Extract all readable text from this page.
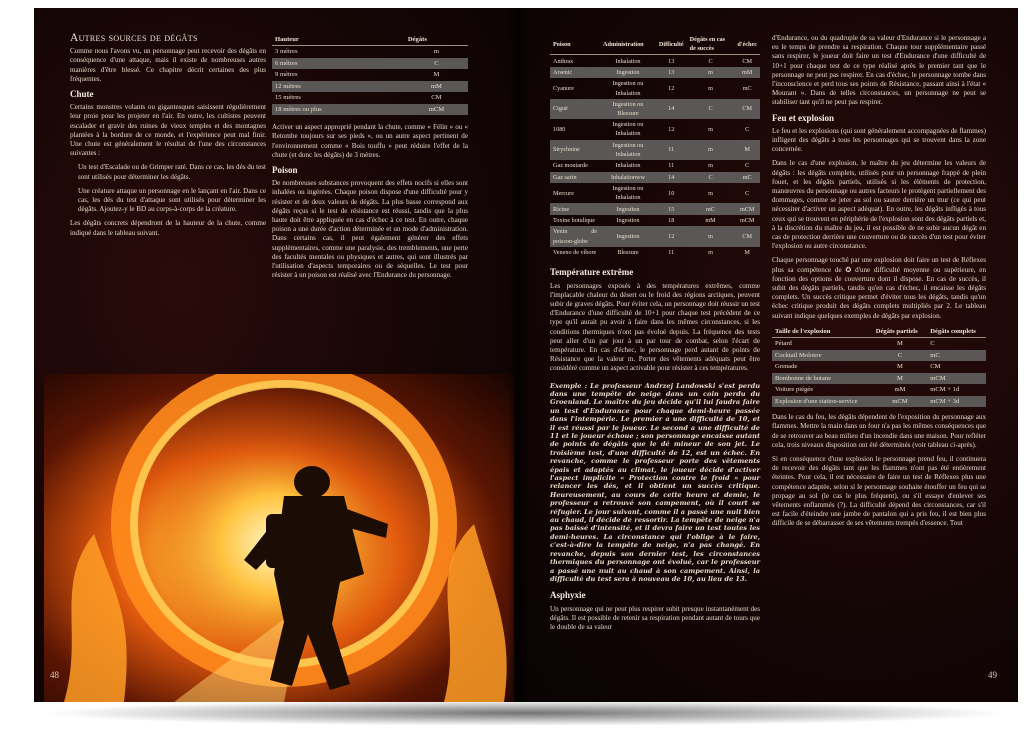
Autres sources de dégâts

Comme nous l'avons vu, un personnage peut recevoir des dégâts en conséquence d'une attaque, mais il existe de nombreuses autres manières d'être blessé. Ce chapitre décrit certaines des plus fréquentes.

Chute

Certains monstres volants ou gigantesques saisissent régulièrement leur proie pour les projeter en l'air. En outre, les cultistes peuvent escalader et gravir des ruines de vieux temples et des montagnes plantées à la bordure de ce monde, et l'expérience peut mal finir. Une chute est généralement le résultat de l'une des circonstances suivantes :

Un test d'Escalade ou de Grimper raté. Dans ce cas, les dés du test sont utilisés pour déterminer les dégâts.

Une créature attaque un personnage en le lançant en l'air. Dans ce cas, les dés du test d'attaque sont utilisés pour déterminer les dégâts. Ajoutez-y le BD au corps-à-corps de la créature.

Les dégâts concrets dépendront de la hauteur de la chute, comme indiqué dans le tableau suivant.

Hauteur	Dégâts
3 mètres	m
6 mètres	C
9 mètres	M
12 mètres	mM
15 mètres	CM
18 mètres ou plus	mCM

Activer un aspect approprié pendant la chute, comme « Félin » ou « Retombe toujours sur ses pieds », ou un autre aspect pertinent de l'environnement comme « Bois touffu » peut réduire l'effet de la chute (et donc les dégâts) de 3 mètres.

Poison

De nombreuses substances provoquent des effets nocifs si elles sont inhalées ou ingérées. Chaque poison dispose d'une difficulté pour y résister et de deux valeurs de dégâts. La plus basse correspond aux dégâts reçus si le test de résistance est réussi, tandis que la plus haute doit être appliquée en cas d'échec à ce test. En outre, chaque poison a une durée d'action déterminée et un mode d'administration. Dans certains cas, il peut également générer des effets supplémentaires, comme une paralysie, des tremblements, une perte des facultés mentales ou physiques et autres, qui sont illustrés par l'utilisation d'aspects temporaires ou de séquelles. Le test pour résister à un poison est réalisé avec l'Endurance du personnage.

48
Poison	Administration	Difficulté	Dégâts en cas de succès	d'échec
Anthrax	Inhalation	13	C	CM
Arsenic	Ingestion	13	m	mM
Cyanure	Ingestion ou Inhalation	12	m	mC
Ciguë	Ingestion ou Blessure	14	C	CM
1080	Ingestion ou Inhalation	12	m	C
Strychnine	Ingestion ou Inhalation	11	m	M
Gaz moutarde	Inhalation	11	m	C
Gaz sarin	Inhalationww	14	C	mC
Mercure	Ingestion ou Inhalation	10	m	C
Ricine	Ingestion	15	mC	mCM
Toxine botulique	Ingestion	18	mM	mCM
Venin de poisson-globe	Ingestion	12	m	CM
Veneno de víbore	Blessure	11	m	M
Température extrême

Les personnages exposés à des températures extrêmes, comme l'implacable chaleur du désert ou le froid des régions arctiques, peuvent subir de graves dégâts. Pour éviter cela, un personnage doit réussir un test d'Endurance d'une difficulté de 10+1 pour chaque test précédent de ce type qu'il aurait pu avoir à faire dans les mêmes circonstances, si les conditions thermiques n'ont pas évolué depuis. La fréquence des tests peut aller d'un par jour à un par tour de combat, selon l'écart de température. En cas d'échec, le personnage perd autant de points de Résistance que la valeur m. Porter des vêtements adéquats peut être considéré comme un aspect activable pour résister à ces températures.

Exemple : Le professeur Andrzej Landowski s'est perdu dans une tempête de neige dans un coin perdu du Groenland. Le maître du jeu décide qu'il lui faudra faire un test d'Endurance pour chaque demi-heure passée dans l'intempérie. Le premier a une difficulté de 10, et il est réussi par le joueur. Le second a une difficulté de 11 et le joueur échoue ; son personnage encaisse autant de points de dégâts que le dé mineur de son jet. Le troisième test, d'une difficulté de 12, est un échec. En revanche, comme le professeur porte des vêtements épais et adaptés au climat, le joueur décide d'activer l'aspect implicite « Protection contre le froid » pour relancer les dés, et il obtient un succès critique. Heureusement, au cours de cette heure et demie, le professeur a retrouvé son campement, où il court se réfugier. Le jour suivant, comme il a passé une nuit bien au chaud, il décide de ressortir. La tempête de neige n'a pas baissé d'intensité, et il devra faire un test toutes les demi-heures. La circonstance qui l'oblige à le faire, c'est-à-dire la tempête de neige, n'a pas changé. En revanche, depuis son dernier test, les circonstances thermiques du personnage ont évolué, car le professeur a passé une nuit au chaud à son campement. Ainsi, la difficulté du test sera à nouveau de 10, au lieu de 13.

Asphyxie

Un personnage qui ne peut plus respirer subit presque instantanément des dégâts. Il est possible de retenir sa respiration pendant autant de tours que le double de sa valeur

d'Endurance, ou du quadruple de sa valeur d'Endurance si le personnage a eu le temps de prendre sa respiration. Chaque tour supplémentaire passé sans respirer, le joueur doit faire un test d'Endurance d'une difficulté de 10+1 pour chaque test de ce type réalisé après le premier tant que le personnage ne peut pas respirer. En cas d'échec, le personnage tombe dans l'inconscience et perd tous ses points de Résistance, passant ainsi à l'état « Mourant ». Dans de telles circonstances, un personnage ne peut se stabiliser tant qu'il ne peut pas respirer.

Feu et explosion

Le feu et les explosions (qui sont généralement accompagnées de flammes) infligent des dégâts à tous les personnages qui se trouvent dans la zone concernée.

Dans le cas d'une explosion, le maître du jeu détermine les valeurs de dégâts : les dégâts complets, utilisés pour un personnage frappé de plein fouet, et les dégâts partiels, utilisés si les éléments de protection, manœuvres du personnage ou autres facteurs le protègent partiellement des dommages, comme se jeter au sol ou sauter derrière un mur (ce qui peut nécessiter d'activer un aspect adéquat). En outre, les dégâts infligés à tous ceux qui se trouvent en périphérie de l'explosion sont des dégâts partiels et, à la discrétion du maître du jeu, il est possible de ne subir aucun dégât en cas de protection derrière une couverture ou de succès d'un test pour éviter l'explosion ou autre circonstance.

Chaque personnage touché par une explosion doit faire un test de Réflexes plus sa compétence de ✪ d'une difficulté moyenne ou supérieure, en fonction des options de couverture dont il dispose. En cas de succès, il subit des dégâts partiels, tandis qu'en cas d'échec, il encaisse les dégâts complets. Un succès critique permet d'éviter tous les dégâts, tandis qu'un échec critique produit des dégâts complets multipliés par 2. Le tableau suivant indique quelques exemples de dégâts par explosion.

Taille de l'explosion	Dégâts partiels	Dégâts complets
Pétard	M	C
Cocktail Molotov	C	mC
Grenade	M	CM
Bombonne de butane	M	mCM
Voiture piégée	mM	mCM + 1d
Explosion d'une station-service	mCM	mCM + 3d

Dans le cas du feu, les dégâts dépendent de l'exposition du personnage aux flammes. Mettre la main dans un four n'a pas les mêmes conséquences que de se retrouver au beau milieu d'un incendie dans une maison. Pour refléter cela, trois niveaux disposition ont été déterminés (voir tableau ci-après).

Si en conséquence d'une explosion le personnage prend feu, il continuera de recevoir des dégâts tant que les flammes n'ont pas été entièrement éteintes. Pour cela, il est nécessaire de faire un test de Réflexes plus une compétence adaptée, selon si le personnage souhaite étouffer un feu qui se propage au sol (le cas le plus fréquent), ou s'il essaye d'enlever ses vêtements enflammés (?). La difficulté dépend des circonstances, car s'il est facile d'éteindre une jambe de pantalon qui a pris feu, il est bien plus difficile de se débarrasser de ses vêtements trempés d'essence. Tout

49
